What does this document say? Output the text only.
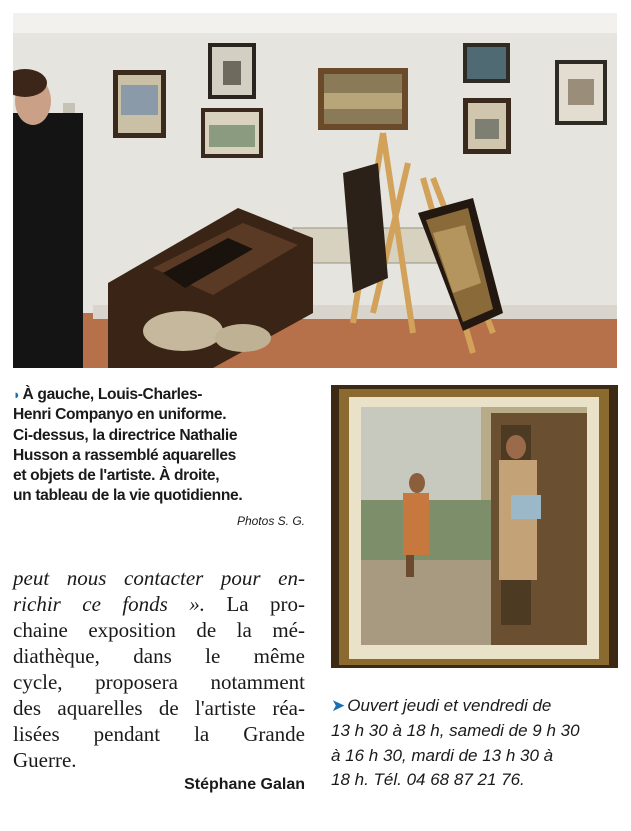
◗ À gauche, Louis-Charles-
Henri Companyo en uniforme.
Ci-dessus, la directrice Nathalie
Husson a rassemblé aquarelles
et objets de l'artiste. À droite,
un tableau de la vie quotidienne.
Photos S. G.
peut nous contacter pour en-
richir ce fonds ». La pro-
chaine exposition de la mé-
diathèque, dans le même
cycle, proposera notamment
des aquarelles de l'artiste réa-
lisées pendant la Grande
Guerre.
Stéphane Galan
➤ Ouvert jeudi et vendredi de
13 h 30 à 18 h, samedi de 9 h 30
à 16 h 30, mardi de 13 h 30 à
18 h. Tél. 04 68 87 21 76.
